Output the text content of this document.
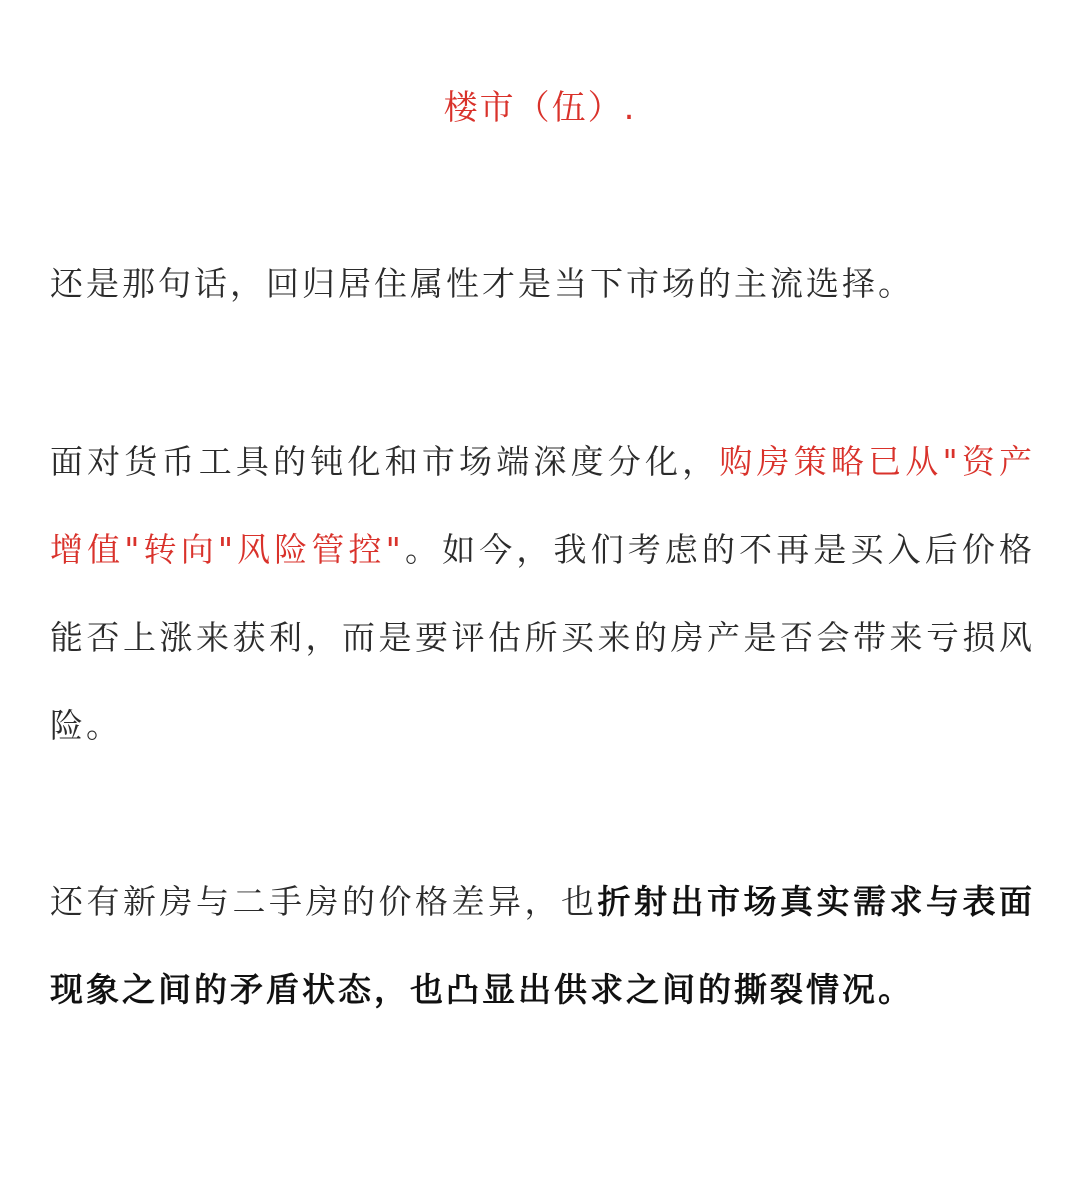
楼市（伍）.

还是那句话，回归居住属性才是当下市场的主流选择。

面对货币工具的钝化和市场端深度分化，购房策略已从"资产增值"转向"风险管控"。如今，我们考虑的不再是买入后价格能否上涨来获利，而是要评估所买来的房产是否会带来亏损风险。

还有新房与二手房的价格差异，也折射出市场真实需求与表面现象之间的矛盾状态，也凸显出供求之间的撕裂情况。
